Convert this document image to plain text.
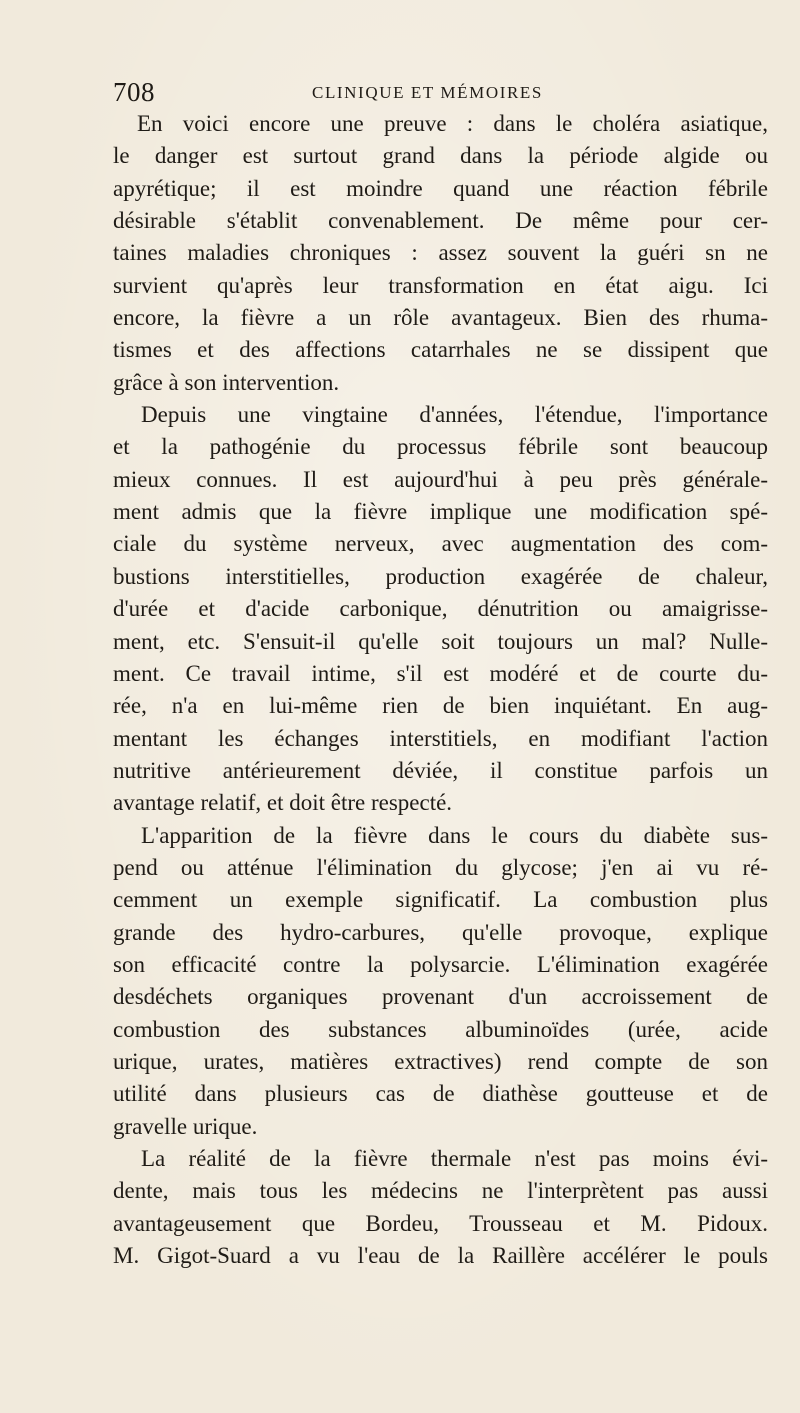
708	CLINIQUE ET MÉMOIRES
En voici encore une preuve : dans le choléra asiatique,
le danger est surtout grand dans la période algide ou
apyrétique; il est moindre quand une réaction fébrile
désirable s'établit convenablement. De même pour cer-
taines maladies chroniques : assez souvent la guéri sn ne
survient qu'après leur transformation en état aigu. Ici
encore, la fièvre a un rôle avantageux. Bien des rhuma-
tismes et des affections catarrhales ne se dissipent que
grâce à son intervention.
Depuis une vingtaine d'années, l'étendue, l'importance
et la pathogénie du processus fébrile sont beaucoup
mieux connues. Il est aujourd'hui à peu près générale-
ment admis que la fièvre implique une modification spé-
ciale du système nerveux, avec augmentation des com-
bustions interstitielles, production exagérée de chaleur,
d'urée et d'acide carbonique, dénutrition ou amaigrisse-
ment, etc. S'ensuit-il qu'elle soit toujours un mal? Nulle-
ment. Ce travail intime, s'il est modéré et de courte du-
rée, n'a en lui-même rien de bien inquiétant. En aug-
mentant les échanges interstitiels, en modifiant l'action
nutritive antérieurement déviée, il constitue parfois un
avantage relatif, et doit être respecté.
L'apparition de la fièvre dans le cours du diabète sus-
pend ou atténue l'élimination du glycose; j'en ai vu ré-
cemment un exemple significatif. La combustion plus
grande des hydro-carbures, qu'elle provoque, explique
son efficacité contre la polysarcie. L'élimination exagérée
desdéchets organiques provenant d'un accroissement de
combustion des substances albuminoïdes (urée, acide
urique, urates, matières extractives) rend compte de son
utilité dans plusieurs cas de diathèse goutteuse et de
gravelle urique.
La réalité de la fièvre thermale n'est pas moins évi-
dente, mais tous les médecins ne l'interprètent pas aussi
avantageusement que Bordeu, Trousseau et M. Pidoux.
M. Gigot-Suard a vu l'eau de la Raillère accélérer le pouls
